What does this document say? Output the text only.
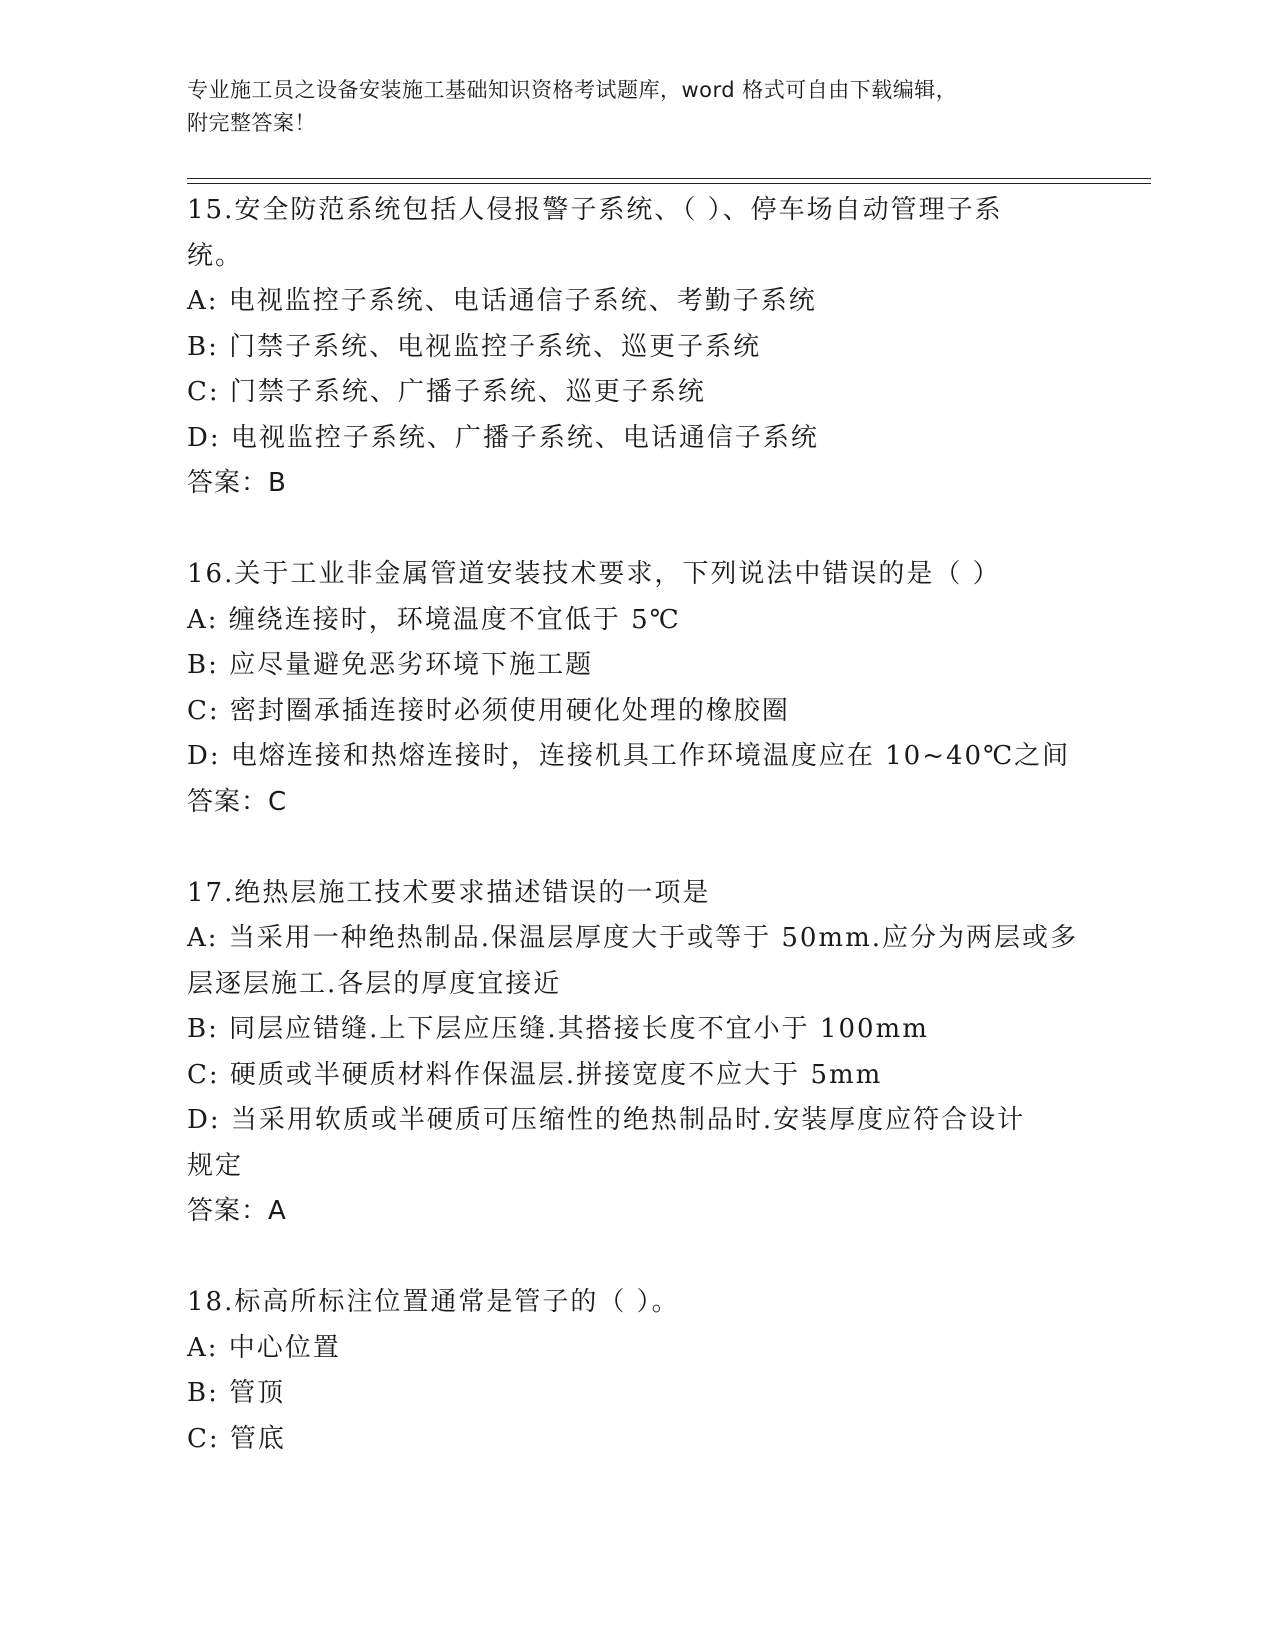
专业施工员之设备安装施工基础知识资格考试题库，word 格式可自由下载编辑，
附完整答案！
15.安全防范系统包括人侵报警子系统、（ ）、停车场自动管理子系
统。
A: 电视监控子系统、电话通信子系统、考勤子系统
B: 门禁子系统、电视监控子系统、巡更子系统
C: 门禁子系统、广播子系统、巡更子系统
D: 电视监控子系统、广播子系统、电话通信子系统
答案：B
16.关于工业非金属管道安装技术要求，下列说法中错误的是（ ）
A: 缠绕连接时，环境温度不宜低于 5℃
B: 应尽量避免恶劣环境下施工题
C: 密封圈承插连接时必须使用硬化处理的橡胶圈
D: 电熔连接和热熔连接时，连接机具工作环境温度应在 10~40℃之间
答案：C
17.绝热层施工技术要求描述错误的一项是
A: 当采用一种绝热制品.保温层厚度大于或等于 50mm.应分为两层或多
层逐层施工.各层的厚度宜接近
B: 同层应错缝.上下层应压缝.其搭接长度不宜小于 100mm
C: 硬质或半硬质材料作保温层.拼接宽度不应大于 5mm
D: 当采用软质或半硬质可压缩性的绝热制品时.安装厚度应符合设计
规定
答案：A
18.标高所标注位置通常是管子的（ ）。
A: 中心位置
B: 管顶
C: 管底
